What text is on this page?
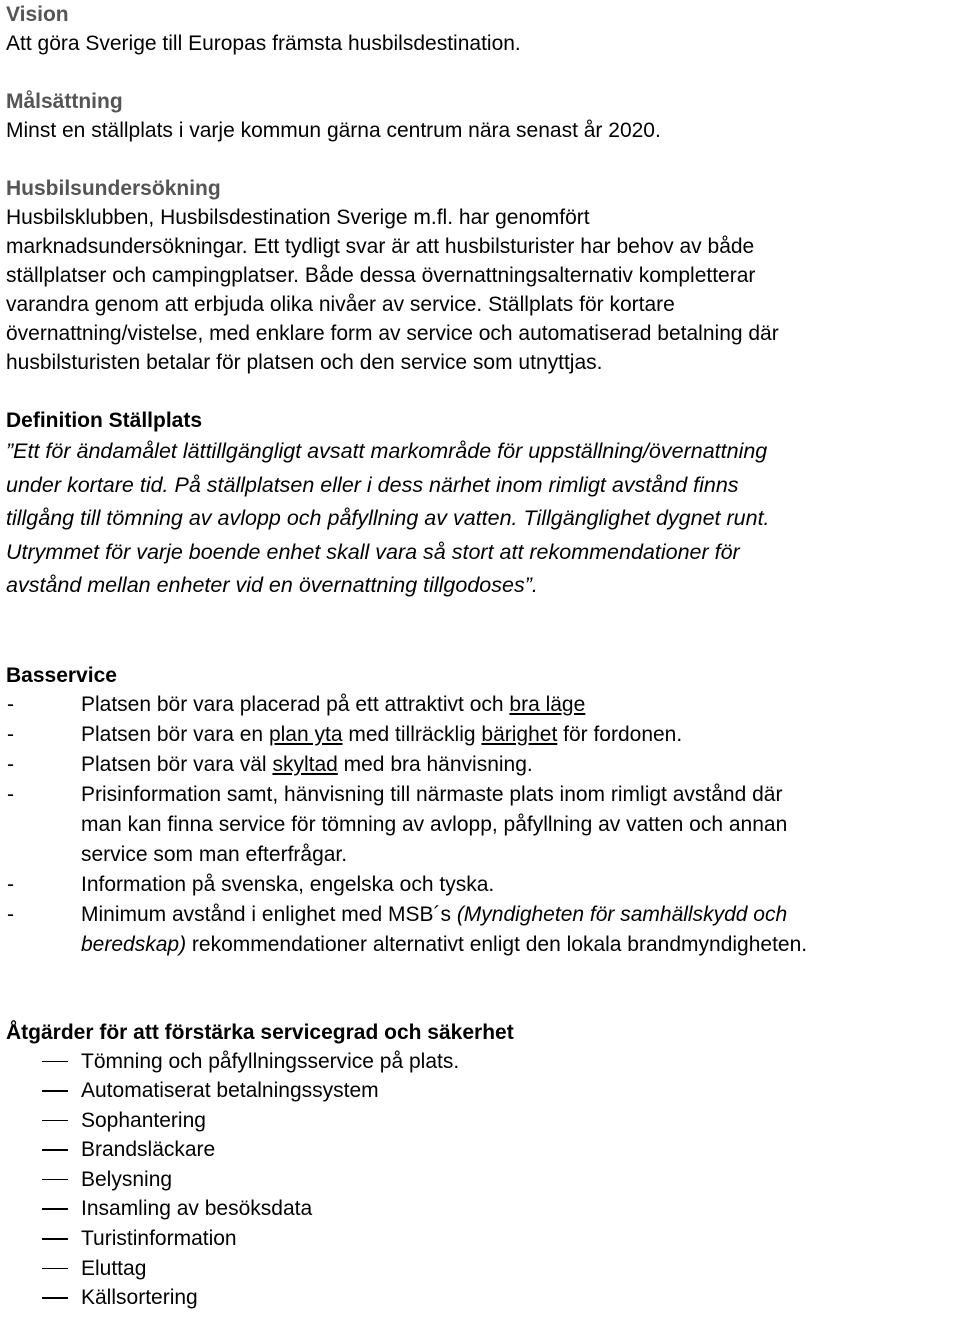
Vision
Att göra Sverige till Europas främsta husbilsdestination.
Målsättning
Minst en ställplats i varje kommun gärna centrum nära senast år 2020.
Husbilsundersökning
Husbilsklubben, Husbilsdestination Sverige m.fl. har genomfört
marknadsundersökningar. Ett tydligt svar är att husbilsturister har behov av både
ställplatser och campingplatser. Både dessa övernattningsalternativ kompletterar
varandra genom att erbjuda olika nivåer av service. Ställplats för kortare
övernattning/vistelse, med enklare form av service och automatiserad betalning där
husbilsturisten betalar för platsen och den service som utnyttjas.
Definition Ställplats
”Ett för ändamålet lättillgängligt avsatt markområde för uppställning/övernattning
under kortare tid. På ställplatsen eller i dess närhet inom rimligt avstånd finns
tillgång till tömning av avlopp och påfyllning av vatten. Tillgänglighet dygnet runt.
Utrymmet för varje boende enhet skall vara så stort att rekommendationer för
avstånd mellan enheter vid en övernattning tillgodoses”.
Basservice
-	Platsen bör vara placerad på ett attraktivt och bra läge
-	Platsen bör vara en plan yta med tillräcklig bärighet för fordonen.
-	Platsen bör vara väl skyltad med bra hänvisning.
-	Prisinformation samt, hänvisning till närmaste plats inom rimligt avstånd där
man kan finna service för tömning av avlopp, påfyllning av vatten och annan
service som man efterfrågar.
-	Information på svenska, engelska och tyska.
-	Minimum avstånd i enlighet med MSB´s (Myndigheten för samhällskydd och
beredskap) rekommendationer alternativt enligt den lokala brandmyndigheten.
Åtgärder för att förstärka servicegrad och säkerhet
Tömning och påfyllningsservice på plats.
Automatiserat betalningssystem
Sophantering
Brandsläckare
Belysning
Insamling av besöksdata
Turistinformation
Eluttag
Källsortering
